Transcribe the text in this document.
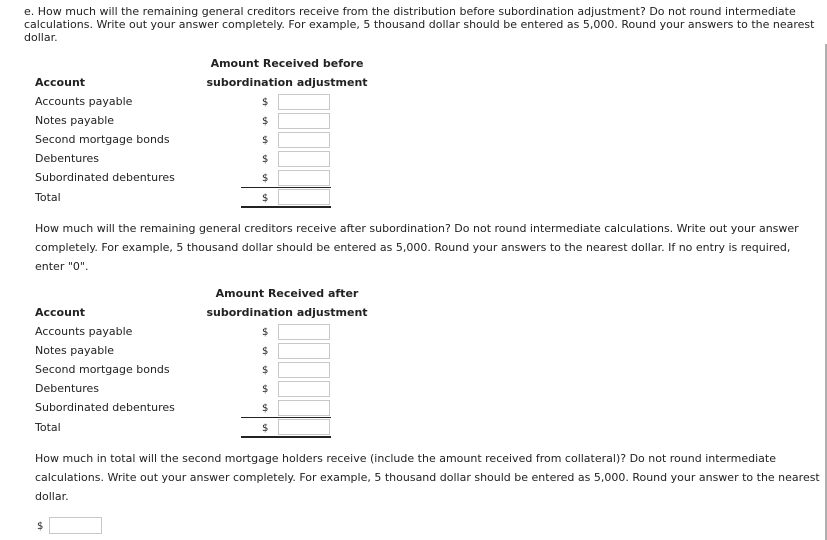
e. How much will the remaining general creditors receive from the distribution before subordination adjustment? Do not round intermediate calculations. Write out your answer completely. For example, 5 thousand dollar should be entered as 5,000. Round your answers to the nearest dollar.

Amount Received before
subordination adjustment
Account
Accounts payable
Notes payable
Second mortgage bonds
Debentures
Subordinated debentures
Total
$
$
$
$
$
$

How much will the remaining general creditors receive after subordination? Do not round intermediate calculations. Write out your answer completely. For example, 5 thousand dollar should be entered as 5,000. Round your answers to the nearest dollar. If no entry is required, enter "0".

Amount Received after
subordination adjustment
Account
Accounts payable
Notes payable
Second mortgage bonds
Debentures
Subordinated debentures
Total
$
$
$
$
$
$

How much in total will the second mortgage holders receive (include the amount received from collateral)? Do not round intermediate calculations. Write out your answer completely. For example, 5 thousand dollar should be entered as 5,000. Round your answer to the nearest dollar.

$
